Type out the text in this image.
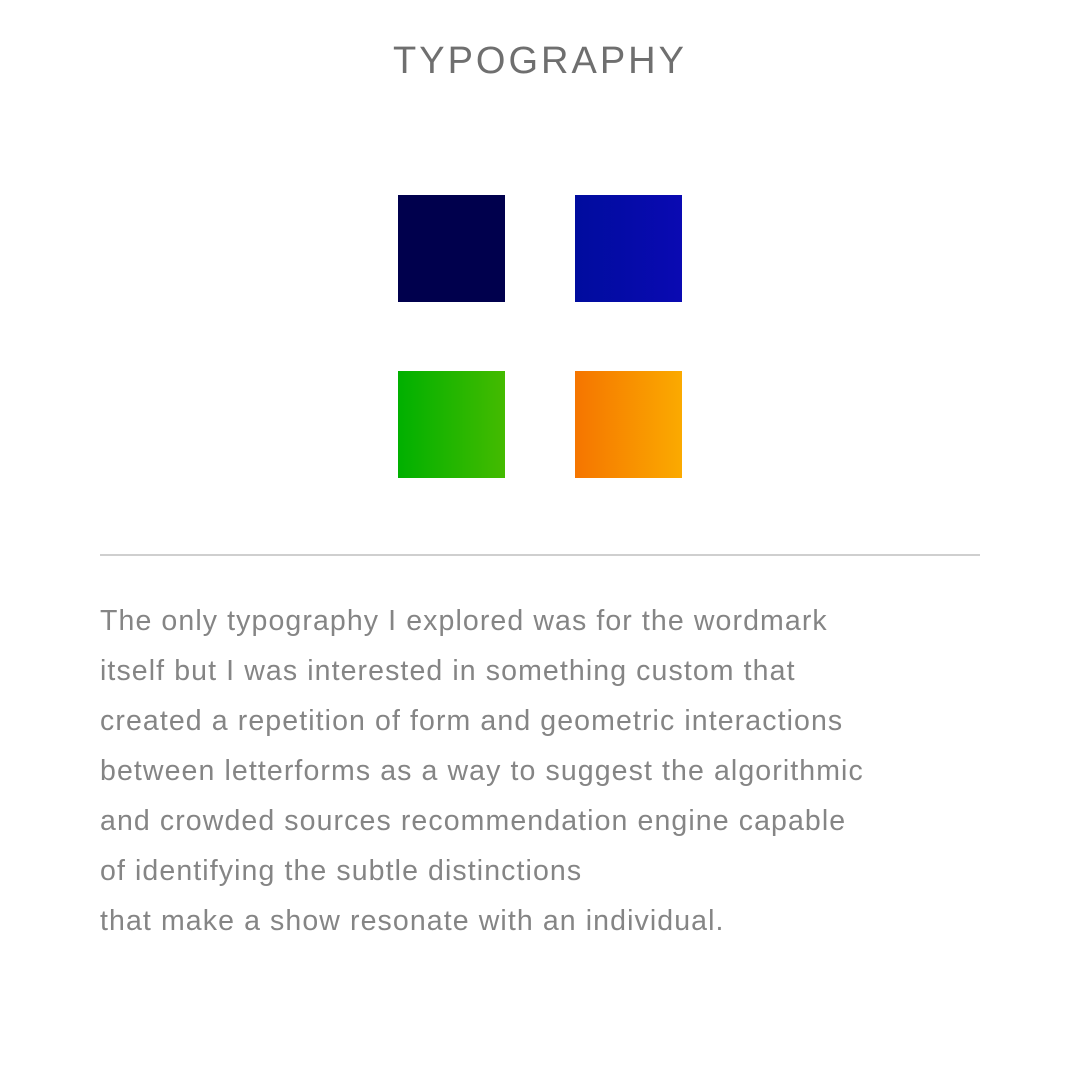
TYPOGRAPHY

The only typography I explored was for the wordmark
itself but I was interested in something custom that
created a repetition of form and geometric interactions
between letterforms as a way to suggest the algorithmic
and crowded sources recommendation engine capable
of identifying the subtle distinctions
that make a show resonate with an individual.
